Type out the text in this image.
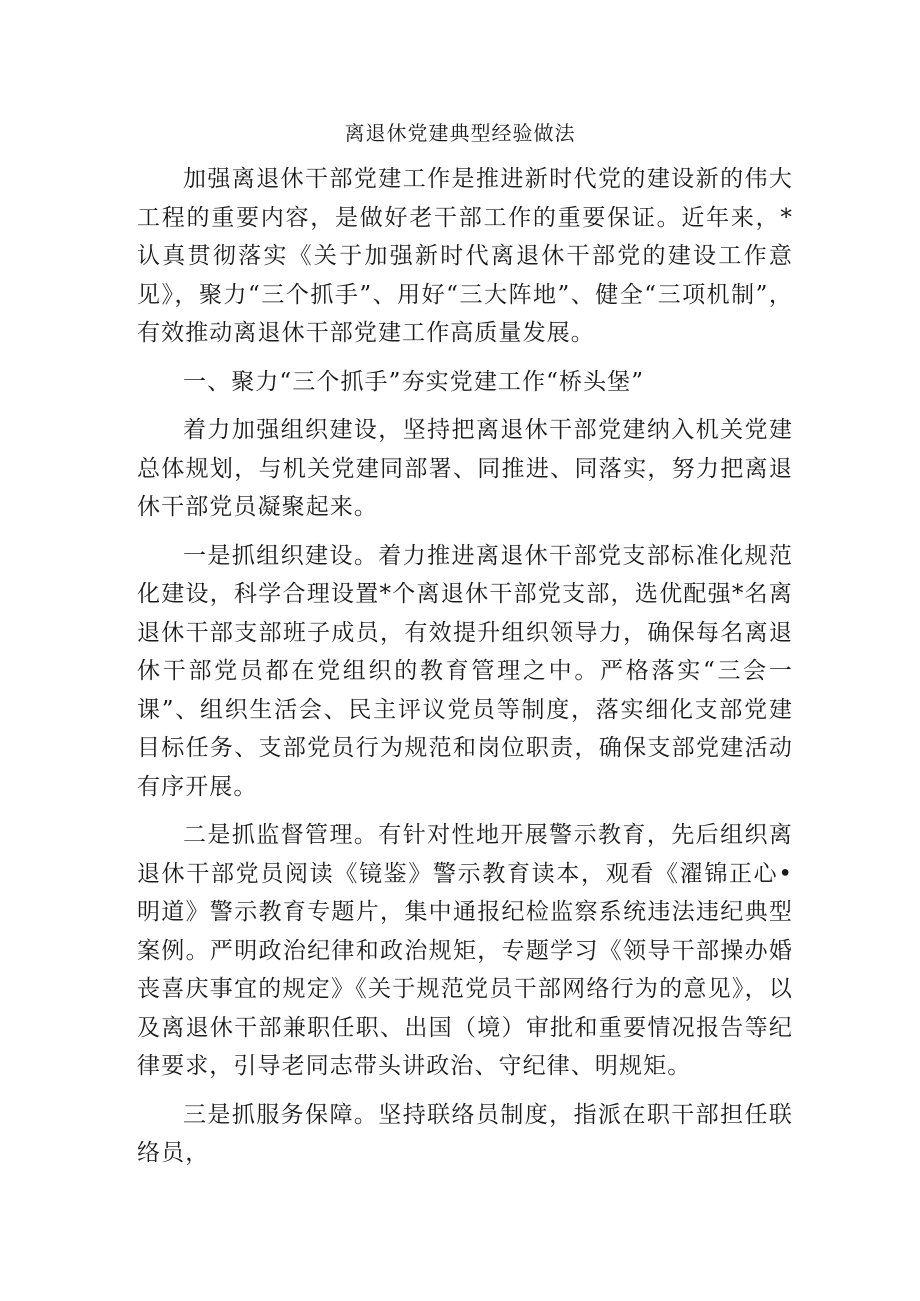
离退休党建典型经验做法

加强离退休干部党建工作是推进新时代党的建设新的伟大工程的重要内容，是做好老干部工作的重要保证。近年来，*认真贯彻落实《关于加强新时代离退休干部党的建设工作意见》，聚力“三个抓手”、用好“三大阵地”、健全“三项机制”，有效推动离退休干部党建工作高质量发展。

一、聚力“三个抓手”夯实党建工作“桥头堡”

着力加强组织建设，坚持把离退休干部党建纳入机关党建总体规划，与机关党建同部署、同推进、同落实，努力把离退休干部党员凝聚起来。

一是抓组织建设。着力推进离退休干部党支部标准化规范化建设，科学合理设置*个离退休干部党支部，选优配强*名离退休干部支部班子成员，有效提升组织领导力，确保每名离退休干部党员都在党组织的教育管理之中。严格落实“三会一课”、组织生活会、民主评议党员等制度，落实细化支部党建目标任务、支部党员行为规范和岗位职责，确保支部党建活动有序开展。

二是抓监督管理。有针对性地开展警示教育，先后组织离退休干部党员阅读《镜鉴》警示教育读本，观看《濯锦正心•明道》警示教育专题片，集中通报纪检监察系统违法违纪典型案例。严明政治纪律和政治规矩，专题学习《领导干部操办婚丧喜庆事宜的规定》《关于规范党员干部网络行为的意见》，以及离退休干部兼职任职、出国（境）审批和重要情况报告等纪律要求，引导老同志带头讲政治、守纪律、明规矩。

三是抓服务保障。坚持联络员制度，指派在职干部担任联络员，
